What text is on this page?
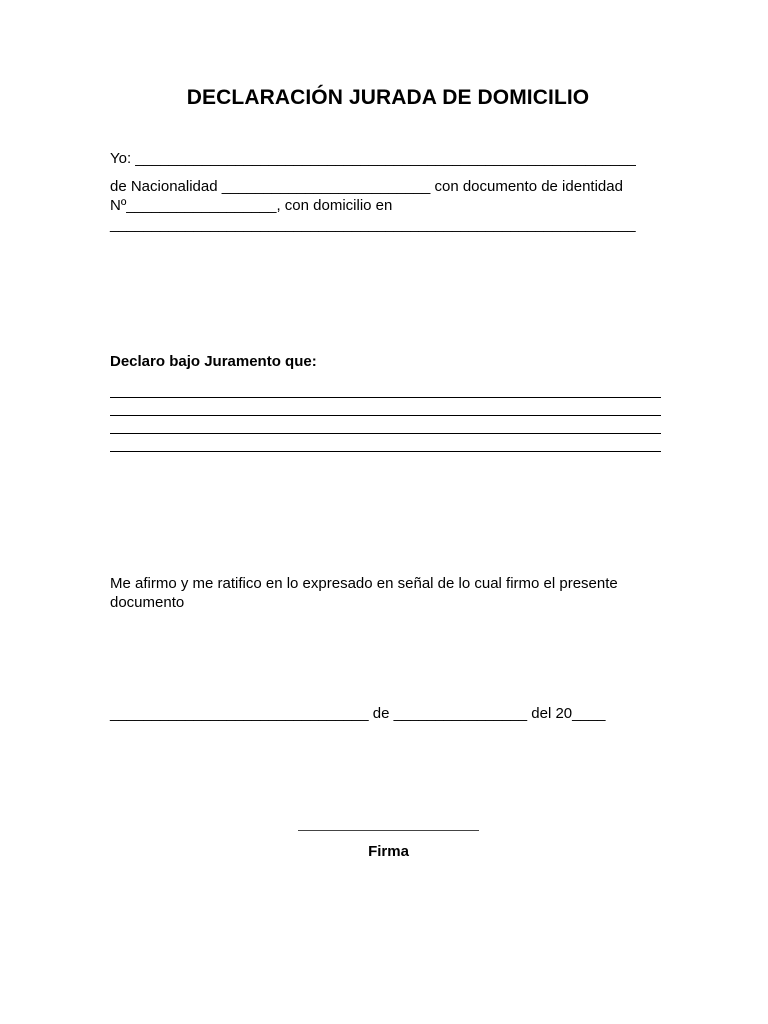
DECLARACIÓN JURADA DE DOMICILIO
Yo: ____________________________________________________________
de Nacionalidad _________________________ con documento de identidad
Nº__________________, con domicilio en
_______________________________________________________________
Declaro bajo Juramento que:
Me afirmo y me ratifico en lo expresado en señal de lo cual firmo el presente
documento
_______________________________ de ________________ del 20____
Firma
